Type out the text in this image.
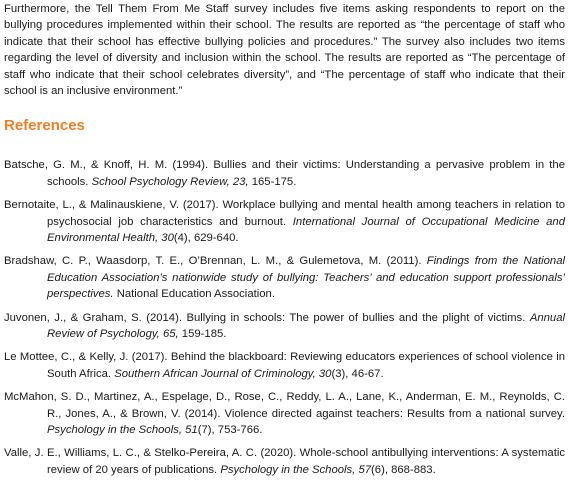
Furthermore, the Tell Them From Me Staff survey includes five items asking respondents to report on the bullying procedures implemented within their school. The results are reported as “the percentage of staff who indicate that their school has effective bullying policies and procedures.” The survey also includes two items regarding the level of diversity and inclusion within the school. The results are reported as “The percentage of staff who indicate that their school celebrates diversity”, and “The percentage of staff who indicate that their school is an inclusive environment.”

References
Batsche, G. M., & Knoff, H. M. (1994). Bullies and their victims: Understanding a pervasive problem in the schools. School Psychology Review, 23, 165-175.
Bernotaite, L., & Malinauskiene, V. (2017). Workplace bullying and mental health among teachers in relation to psychosocial job characteristics and burnout. International Journal of Occupational Medicine and Environmental Health, 30(4), 629-640.
Bradshaw, C. P., Waasdorp, T. E., O’Brennan, L. M., & Gulemetova, M. (2011). Findings from the National Education Association’s nationwide study of bullying: Teachers’ and education support professionals’ perspectives. National Education Association.
Juvonen, J., & Graham, S. (2014). Bullying in schools: The power of bullies and the plight of victims. Annual Review of Psychology, 65, 159-185.
Le Mottee, C., & Kelly, J. (2017). Behind the blackboard: Reviewing educators experiences of school violence in South Africa. Southern African Journal of Criminology, 30(3), 46-67.
McMahon, S. D., Martinez, A., Espelage, D., Rose, C., Reddy, L. A., Lane, K., Anderman, E. M., Reynolds, C. R., Jones, A., & Brown, V. (2014). Violence directed against teachers: Results from a national survey. Psychology in the Schools, 51(7), 753-766.
Valle, J. E., Williams, L. C., & Stelko-Pereira, A. C. (2020). Whole-school antibullying interventions: A systematic review of 20 years of publications. Psychology in the Schools, 57(6), 868-883.
